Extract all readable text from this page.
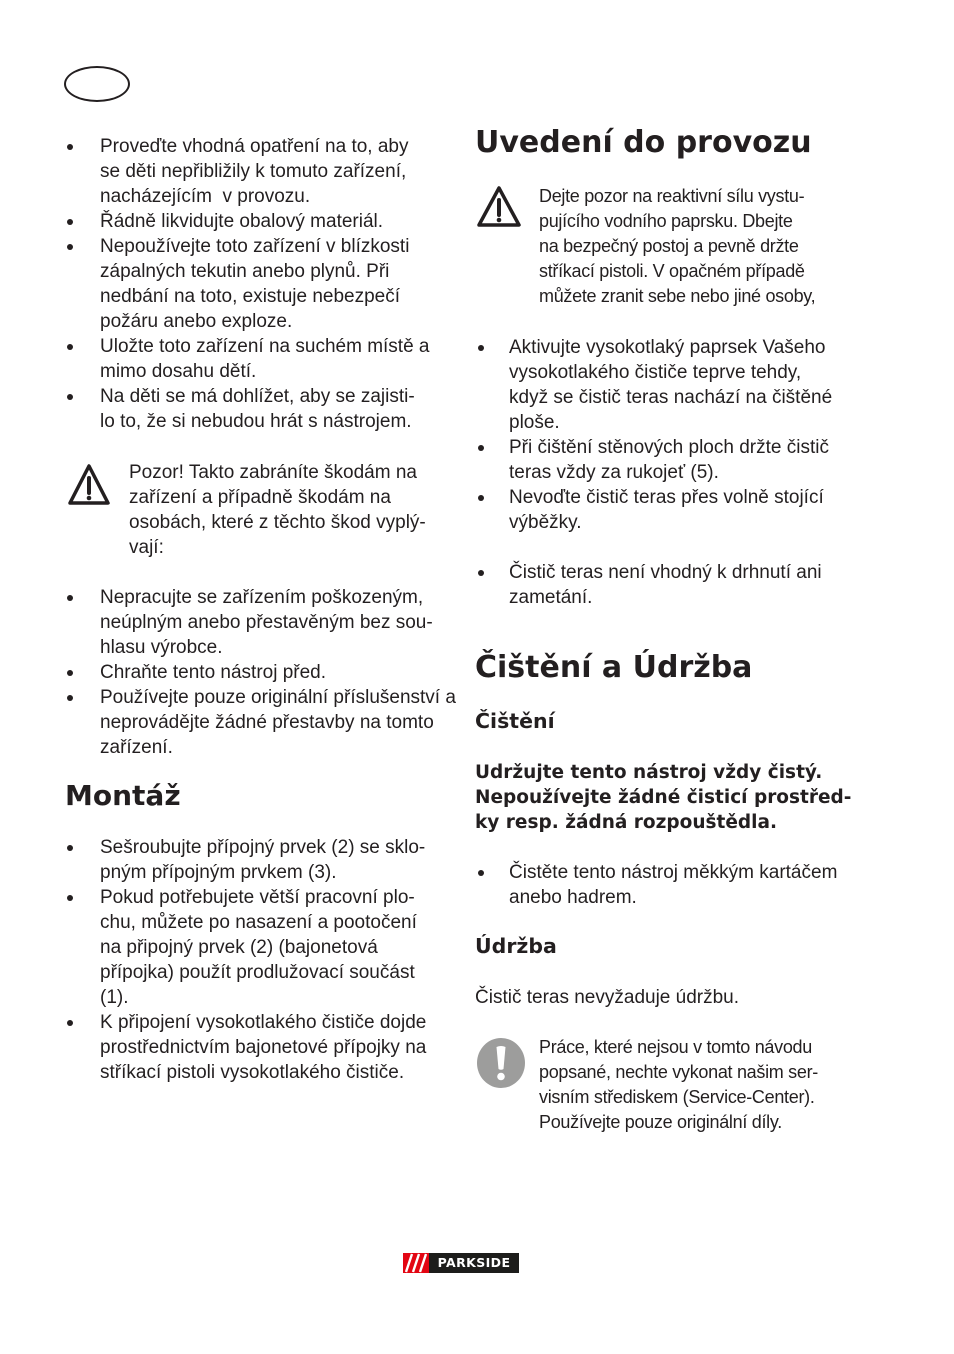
Proveďte vhodná opatření na to, aby
se děti nepřibližily k tomuto zařízení,
nacházejícím  v provozu.
Řádně likvidujte obalový materiál.
Nepoužívejte toto zařízení v blízkosti
zápalných tekutin anebo plynů. Při
nedbání na toto, existuje nebezpečí
požáru anebo exploze.
Uložte toto zařízení na suchém místě a
mimo dosahu dětí.
Na děti se má dohlížet, aby se zajisti-
lo to, že si nebudou hrát s nástrojem.
Pozor! Takto zabráníte škodám na
zařízení a případně škodám na
osobách, které z těchto škod vyplý-
vají:
Nepracujte se zařízením poškozeným,
neúplným anebo přestavěným bez sou-
hlasu výrobce.
Chraňte tento nástroj před.
Používejte pouze originální příslušenství a
neprovádějte žádné přestavby na tomto
zařízení.
Montáž
Sešroubujte přípojný prvek (2) se sklo-
pným přípojným prvkem (3).
Pokud potřebujete větší pracovní plo-
chu, můžete po nasazení a pootočení
na připojný prvek (2) (bajonetová
přípojka) použít prodlužovací součást
(1).
K připojení vysokotlakého čističe dojde
prostřednictvím bajonetové přípojky na
stříkací pistoli vysokotlakého čističe.
Uvedení do provozu
Dejte pozor na reaktivní sílu vystu-
pujícího vodního paprsku. Dbejte
na bezpečný postoj a pevně držte
stříkací pistoli. V opačném případě
můžete zranit sebe nebo jiné osoby,
Aktivujte vysokotlaký paprsek Vašeho
vysokotlakého čističe teprve tehdy,
když se čistič teras nachází na čištěné
ploše.
Při čištění stěnových ploch držte čistič
teras vždy za rukojeť (5).
Nevoďte čistič teras přes volně stojící
výběžky.
Čistič teras není vhodný k drhnutí ani
zametání.
Čištění a Údržba
Čištění
Udržujte tento nástroj vždy čistý.
Nepoužívejte žádné čisticí prostřed-
ky resp. žádná rozpouštědla.
Čistěte tento nástroj měkkým kartáčem
anebo hadrem.
Údržba
Čistič teras nevyžaduje údržbu.
Práce, které nejsou v tomto návodu
popsané, nechte vykonat našim ser-
visním střediskem (Service-Center).
Používejte pouze originální díly.
PARKSIDE
